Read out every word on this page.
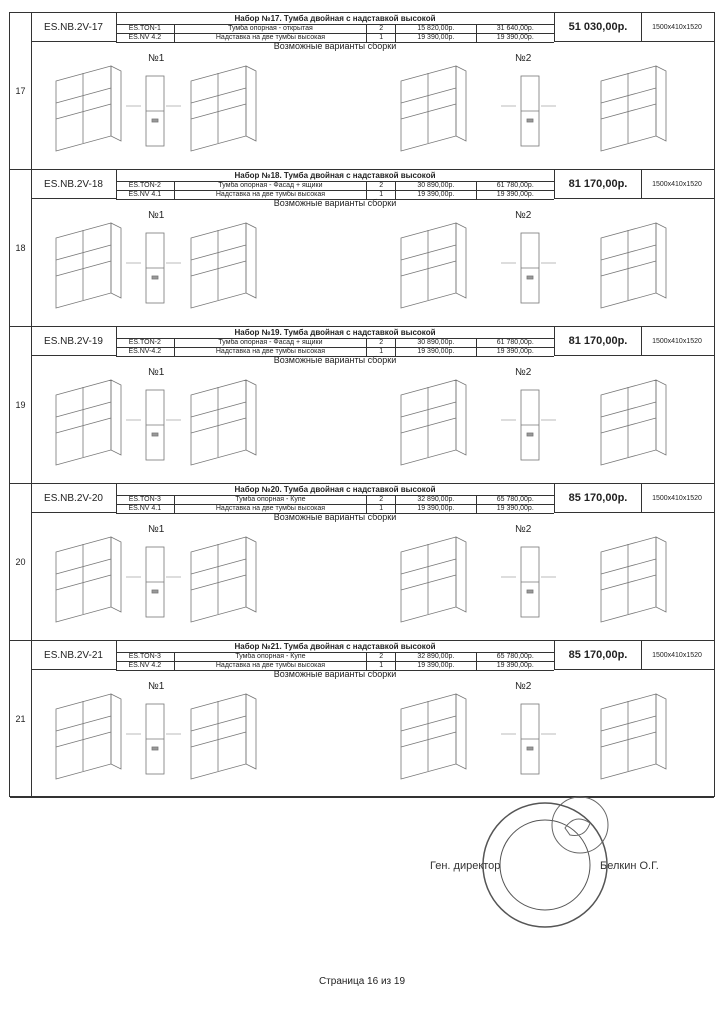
17
ES.NB.2V-17
Набор №17. Тумба двойная с надставкой высокой
ES.TON-1	Тумба опорная - открытая	2	15 820,00р.	31 640,00р.
ES.NV 4.2	Надставка на две тумбы высокая	1	19 390,00р.	19 390,00р.
51 030,00р.	1500x410x1520
Возможные варианты сборки
№1	№2
18
ES.NB.2V-18
Набор №18. Тумба двойная с надставкой высокой
ES.TON-2	Тумба опорная - Фасад + ящики	2	30 890,00р.	61 780,00р.
ES.NV 4.1	Надставка на две тумбы высокая	1	19 390,00р.	19 390,00р.
81 170,00р.	1500x410x1520
Возможные варианты сборки
№1	№2
19
ES.NB.2V-19
Набор №19. Тумба двойная с надставкой высокой
ES.TON-2	Тумба опорная - Фасад + ящики	2	30 890,00р.	61 780,00р.
ES.NV-4.2	Надставка на две тумбы высокая	1	19 390,00р.	19 390,00р.
81 170,00р.	1500x410x1520
Возможные варианты сборки
№1	№2
20
ES.NB.2V-20
Набор №20. Тумба двойная с надставкой высокой
ES.TON-3	Тумба опорная - Купе	2	32 890,00р.	65 780,00р.
ES.NV 4.1	Надставка на две тумбы высокая	1	19 390,00р.	19 390,00р.
85 170,00р.	1500x410x1520
Возможные варианты сборки
№1	№2
21
ES.NB.2V-21
Набор №21. Тумба двойная с надставкой высокой
ES.TON-3	Тумба опорная - Купе	2	32 890,00р.	65 780,00р.
ES.NV 4.2	Надставка на две тумбы высокая	1	19 390,00р.	19 390,00р.
85 170,00р.	1500x410x1520
Возможные варианты сборки
№1	№2
Ген. директор	Белкин О.Г.
Страница 16 из 19
